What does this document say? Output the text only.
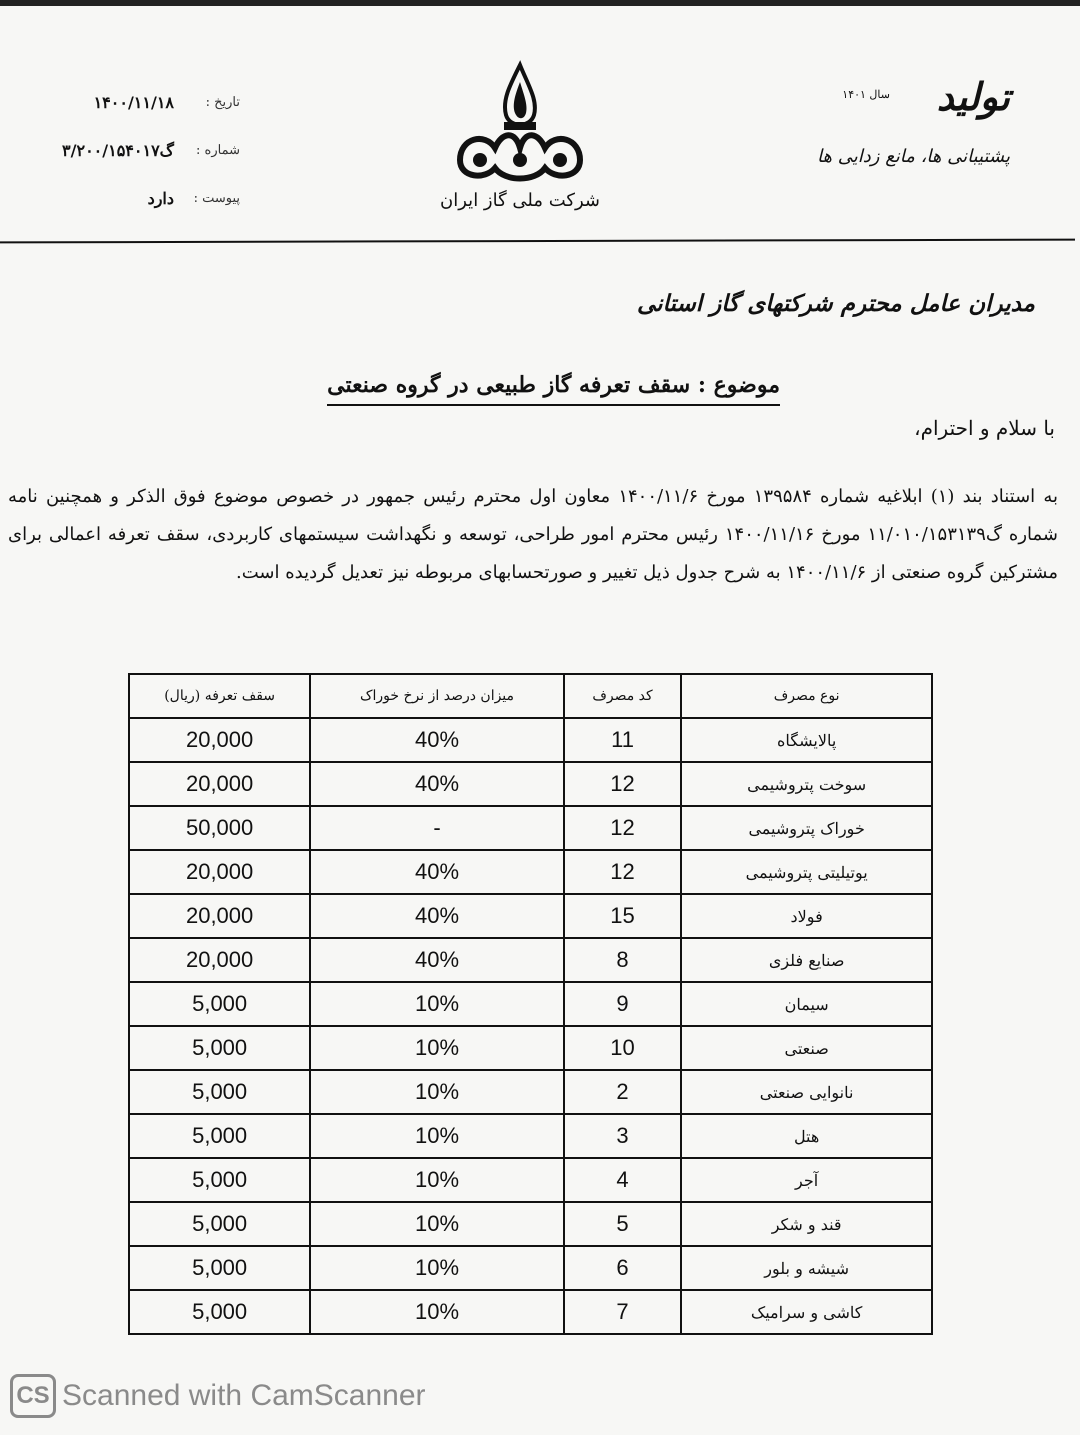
تاریخ :
۱۴۰۰/۱۱/۱۸
شماره :
گ۳/۲۰۰/۱۵۴۰۱۷
پیوست :
دارد	شرکت ملی گاز ایران
تولید
سال ۱۴۰۱
پشتیبانی ها، مانع زدایی ها
مدیران عامل محترم شرکتهای گاز استانی
موضوع : سقف تعرفه گاز طبیعی در گروه صنعتی
با سلام و احترام،
به استناد بند (۱) ابلاغیه شماره ۱۳۹۵۸۴ مورخ ۱۴۰۰/۱۱/۶ معاون اول محترم رئیس جمهور در خصوص موضوع فوق الذکر و همچنین نامه شماره گ۱۱/۰۱۰/۱۵۳۱۳۹ مورخ ۱۴۰۰/۱۱/۱۶ رئیس محترم امور طراحی، توسعه و نگهداشت سیستمهای کاربردی، سقف تعرفه اعمالی برای مشترکین گروه صنعتی از ۱۴۰۰/۱۱/۶ به شرح جدول ذیل تغییر و صورتحسابهای مربوطه نیز تعدیل گردیده است.
نوع مصرف	کد مصرف	میزان درصد از نرخ خوراک	سقف تعرفه (ریال)
پالایشگاه	11	40%	20,000
سوخت پتروشیمی	12	40%	20,000
خوراک پتروشیمی	12	-	50,000
یوتیلیتی پتروشیمی	12	40%	20,000
فولاد	15	40%	20,000
صنایع فلزی	8	40%	20,000
سیمان	9	10%	5,000
صنعتی	10	10%	5,000
نانوایی صنعتی	2	10%	5,000
هتل	3	10%	5,000
آجر	4	10%	5,000
قند و شکر	5	10%	5,000
شیشه و بلور	6	10%	5,000
کاشی و سرامیک	7	10%	5,000
CS Scanned with CamScanner
